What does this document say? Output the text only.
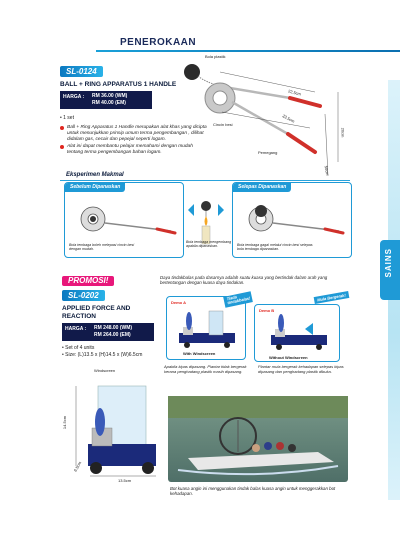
SAINS
PENEROKAAN
SL-0124
BALL + RING APPARATUS 1 HANDLE
HARGA : RM 36.00 (WM)
RM 40.00 (EM)
• 1 set
Ball + Ring Apparatus 1 Handle merupakan alat khas yang dicipta untuk menunjukkan prinsip umum terma pengembangan , dilihat didalam gas, cecair dan pepejal seperti logam.
Alat ini dapat membantu pelajar memahami dengan mudah tentang terma pengembangan bahan logam.
Bola plastik
Cincin besi
Pemegang
22.5cm
23.5cm
20cm
50cm
Eksperimen Makmal
Sebelum Dipanaskan
Bola tembaga boleh melepasi cincin besi dengan mudah.
Bola tembaga mengembang apabila dipanaskan.
Selepas Dipanaskan
Bola tembaga gagal melalui cincin besi selepas bola tembaga dipanaskan.
PROMOSI!
SL-0202
APPLIED FORCE AND
REACTION
HARGA : RM 248.00 (WM)
RM 264.00 (EM)
• Set of 4 units
• Size: (L)13.5 x (H)14.5 x (W)6.5cm
Daya tindakbalas pada dasarnya adalah suatu kuasa yang bertindak dalam arah yang bertentangan dengan kuasa daya tindakan.
Demo A
With Windscreen
Tiada tindakbalas!
Demo B
Without Windscreen
Mula Bergerak!
Apabila kipas dipasang. Plantar tidak bergerak kerana penghadang plastik masih dipasang.
Plantar mula bergerak kehadapan selepas kipas dipasang dan penghadang plastik dibuka.
Windscreen
14.5cm
6.5cm
13.5cm
Bot kuasa angin ini menggunakan tindak balas kuasa angin untuk menggerakkan bot kehadapan.
